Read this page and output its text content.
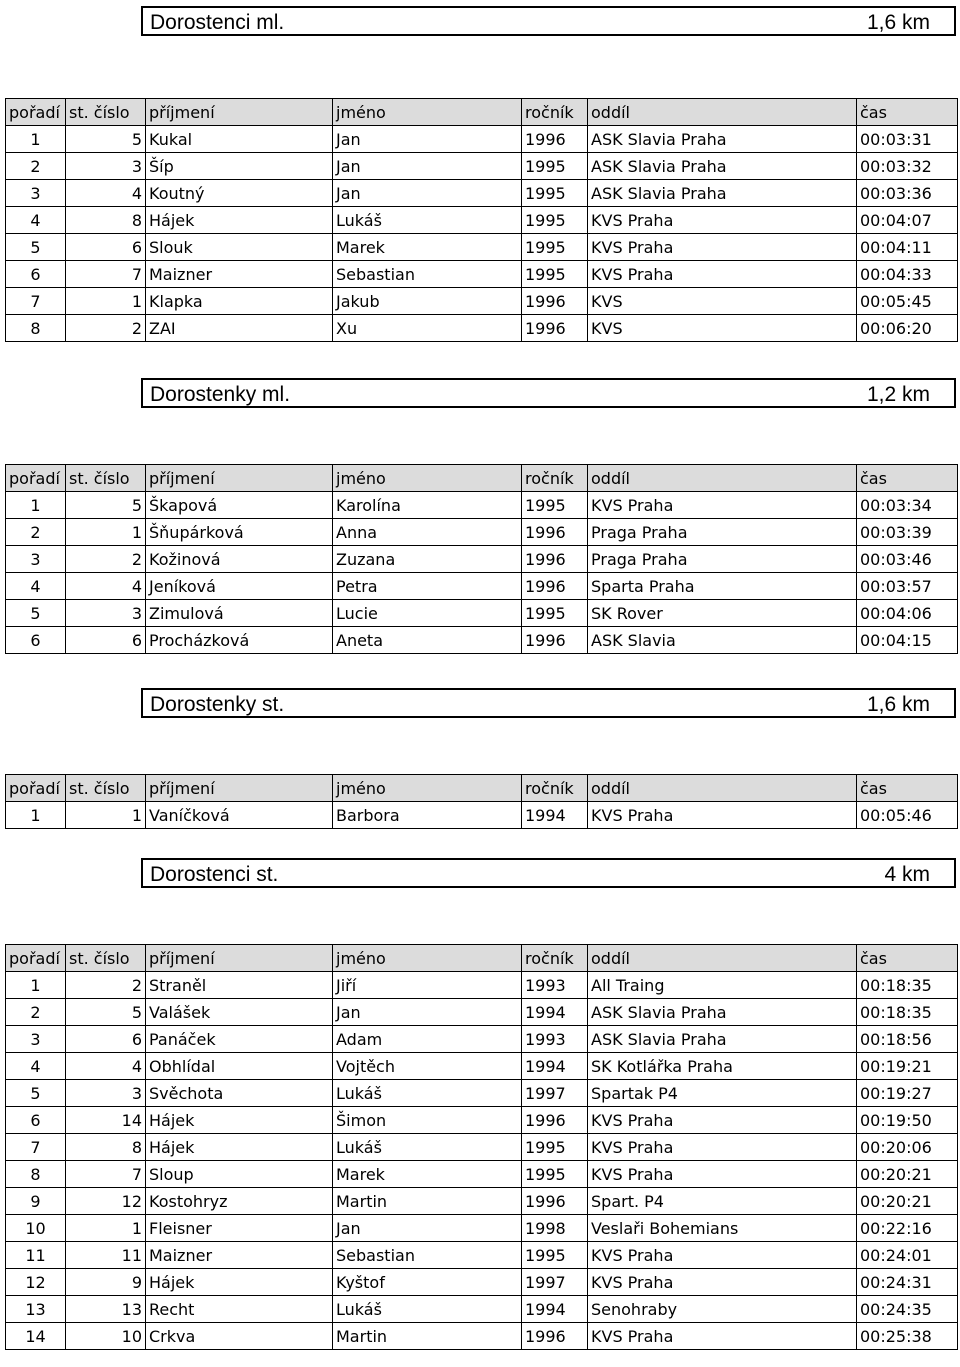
Dorostenci ml.	1,6 km
pořadí	st. číslo	příjmení	jméno	ročník	oddíl	čas
1	5	Kukal	Jan	1996	ASK Slavia Praha	00:03:31
2	3	Šíp	Jan	1995	ASK Slavia Praha	00:03:32
3	4	Koutný	Jan	1995	ASK Slavia Praha	00:03:36
4	8	Hájek	Lukáš	1995	KVS Praha	00:04:07
5	6	Slouk	Marek	1995	KVS Praha	00:04:11
6	7	Maizner	Sebastian	1995	KVS Praha	00:04:33
7	1	Klapka	Jakub	1996	KVS	00:05:45
8	2	ZAI	Xu	1996	KVS	00:06:20
Dorostenky ml.	1,2 km
pořadí	st. číslo	příjmení	jméno	ročník	oddíl	čas
1	5	Škapová	Karolína	1995	KVS Praha	00:03:34
2	1	Šňupárková	Anna	1996	Praga Praha	00:03:39
3	2	Kožinová	Zuzana	1996	Praga Praha	00:03:46
4	4	Jeníková	Petra	1996	Sparta Praha	00:03:57
5	3	Zimulová	Lucie	1995	SK Rover	00:04:06
6	6	Procházková	Aneta	1996	ASK Slavia	00:04:15
Dorostenky st.	1,6 km
pořadí	st. číslo	příjmení	jméno	ročník	oddíl	čas
1	1	Vaníčková	Barbora	1994	KVS Praha	00:05:46
Dorostenci st.	4 km
pořadí	st. číslo	příjmení	jméno	ročník	oddíl	čas
1	2	Straněl	Jiří	1993	All Traing	00:18:35
2	5	Valášek	Jan	1994	ASK Slavia Praha	00:18:35
3	6	Panáček	Adam	1993	ASK Slavia Praha	00:18:56
4	4	Obhlídal	Vojtěch	1994	SK Kotlářka Praha	00:19:21
5	3	Svěchota	Lukáš	1997	Spartak P4	00:19:27
6	14	Hájek	Šimon	1996	KVS Praha	00:19:50
7	8	Hájek	Lukáš	1995	KVS Praha	00:20:06
8	7	Sloup	Marek	1995	KVS Praha	00:20:21
9	12	Kostohryz	Martin	1996	Spart. P4	00:20:21
10	1	Fleisner	Jan	1998	Veslaři Bohemians	00:22:16
11	11	Maizner	Sebastian	1995	KVS Praha	00:24:01
12	9	Hájek	Kyštof	1997	KVS Praha	00:24:31
13	13	Recht	Lukáš	1994	Senohraby	00:24:35
14	10	Crkva	Martin	1996	KVS Praha	00:25:38
